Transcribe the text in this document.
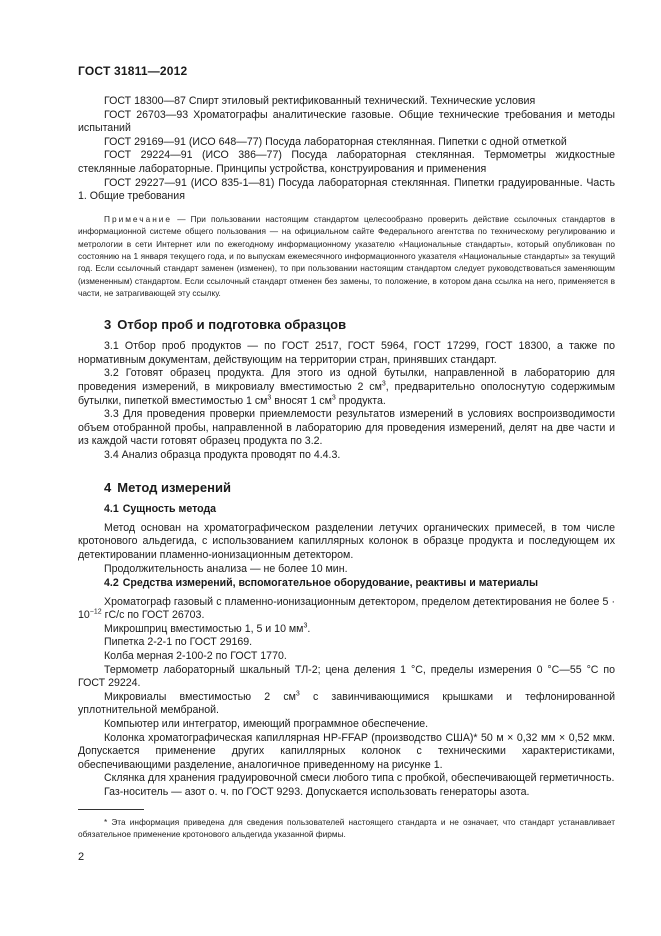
ГОСТ 31811—2012

ГОСТ 18300—87 Спирт этиловый ректификованный технический. Технические условия

ГОСТ 26703—93 Хроматографы аналитические газовые. Общие технические требования и методы испытаний

ГОСТ 29169—91 (ИСО 648—77) Посуда лабораторная стеклянная. Пипетки с одной отметкой

ГОСТ 29224—91 (ИСО 386—77) Посуда лабораторная стеклянная. Термометры жидкостные стеклянные лабораторные. Принципы устройства, конструирования и применения

ГОСТ 29227—91 (ИСО 835-1—81) Посуда лабораторная стеклянная. Пипетки градуированные. Часть 1. Общие требования

Примечание — При пользовании настоящим стандартом целесообразно проверить действие ссылочных стандартов в информационной системе общего пользования — на официальном сайте Федерального агентства по техническому регулированию и метрологии в сети Интернет или по ежегодному информационному указателю «Национальные стандарты», который опубликован по состоянию на 1 января текущего года, и по выпускам ежемесячного информационного указателя «Национальные стандарты» за текущий год. Если ссылочный стандарт заменен (изменен), то при пользовании настоящим стандартом следует руководствоваться заменяющим (измененным) стандартом. Если ссылочный стандарт отменен без замены, то положение, в котором дана ссылка на него, применяется в части, не затрагивающей эту ссылку.

3 Отбор проб и подготовка образцов

3.1 Отбор проб продуктов — по ГОСТ 2517, ГОСТ 5964, ГОСТ 17299, ГОСТ 18300, а также по нормативным документам, действующим на территории стран, принявших стандарт.

3.2 Готовят образец продукта. Для этого из одной бутылки, направленной в лабораторию для проведения измерений, в микровиалу вместимостью 2 $см^3$, предварительно ополоснутую содержимым бутылки, пипеткой вместимостью 1 $см^3$ вносят 1 $см^3$ продукта.

3.3 Для проведения проверки приемлемости результатов измерений в условиях воспроизводимости объем отобранной пробы, направленной в лабораторию для проведения измерений, делят на две части и из каждой части готовят образец продукта по 3.2.

3.4 Анализ образца продукта проводят по 4.4.3.

4 Метод измерений
4.1 Сущность метода

Метод основан на хроматографическом разделении летучих органических примесей, в том числе кротонового альдегида, с использованием капиллярных колонок в образце продукта и последующем их детектировании пламенно-ионизационным детектором.

Продолжительность анализа — не более 10 мин.

4.2 Средства измерений, вспомогательное оборудование, реактивы и материалы

Хроматограф газовый с пламенно-ионизационным детектором, пределом детектирования не более $5 \cdot 10^{-12}$ гС/с по ГОСТ 26703.

Микрошприц вместимостью 1, 5 и 10 $мм^3$.

Пипетка 2-2-1 по ГОСТ 29169.

Колба мерная 2-100-2 по ГОСТ 1770.

Термометр лабораторный шкальный ТЛ-2; цена деления 1 °С, пределы измерения 0 °С—55 °С по ГОСТ 29224.

Микровиалы вместимостью 2 $см^3$ с завинчивающимися крышками и тефлонированной уплотнительной мембраной.

Компьютер или интегратор, имеющий программное обеспечение.

Колонка хроматографическая капиллярная HP-FFAP (производство США)* 50 м × 0,32 мм × 0,52 мкм. Допускается применение других капиллярных колонок с техническими характеристиками, обеспечивающими разделение, аналогичное приведенному на рисунке 1.

Склянка для хранения градуировочной смеси любого типа с пробкой, обеспечивающей герметичность.

Газ-носитель — азот о. ч. по ГОСТ 9293. Допускается использовать генераторы азота.

* Эта информация приведена для сведения пользователей настоящего стандарта и не означает, что стандарт устанавливает обязательное применение кротонового альдегида указанной фирмы.

2
